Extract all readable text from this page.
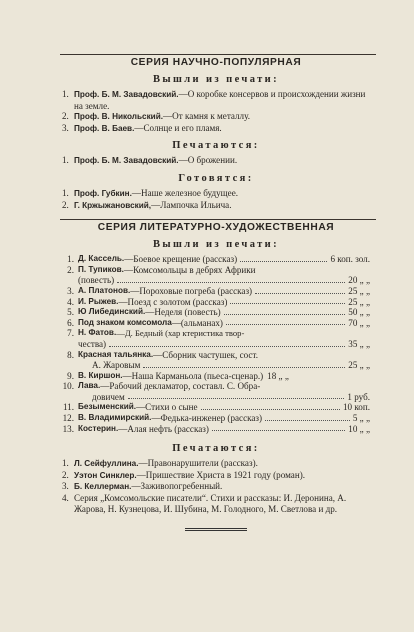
СЕРИЯ НАУЧНО-ПОПУЛЯРНАЯ
Вышли из печати:
1. Проф. Б. М. Завадовский.—О коробке консервов и происхождении жизни на земле.
2. Проф. В. Никольский.—От камня к металлу.
3. Проф. В. Баев.—Солнце и его пламя.
Печатаются:
1. Проф. Б. М. Завадовский.—О брожении.
Готовятся:
1. Проф. Губкин.—Наше железное будущее.
2. Г. Кржыжановский,—Лампочка Ильича.
СЕРИЯ ЛИТЕРАТУРНО-ХУДОЖЕСТВЕННАЯ
Вышли из печати:
1. Д. Кассель. —Боевое крещение (рассказ)	6 коп. зол.
2. П. Тупиков. —Комсомольцы в дебрях Африки
(повесть)	20 „ „
3. А. Платонов. —Пороховые погреба (рассказ)	25 „ „
4. И. Рыжев. —Поезд с золотом (рассказ)	25 „ „
5. Ю Либединский. —Неделя (повесть)	50 „ „
6. Под знаком комсомола —(альманах)	70 „ „
7. Н. Фатов. —Д. Бедный (хар ктеристика твор-
чества)	35 „ „
8. Красная тальянка. —Сборник частушек, сост.
А. Жаровым	25 „ „
9. В. Киршон. —Наша Карманьола (пьеса-сценар.) 18 „ „
10. Лава. —Рабочий декламатор, составл. С. Обра-
довичем	1 руб.
11. Безыменский. —Стихи о сыне	10 коп.
12. В. Владимирский. —Федька-инженер (рассказ)	5 „ „
13. Костерин. —Алая нефть (рассказ)	10 „ „
Печатаются:
1. Л. Сейфуллина.—Правонарушители (рассказ).
2. Уэтон Синклер.—Пришествие Христа в 1921 году (роман).
3. Б. Келлерман.—Заживопогребенный.
4. Серия „Комсомольские писатели“. Стихи и рассказы: И. Деронина, А. Жарова, Н. Кузнецова, И. Шубина, М. Голодного, М. Светлова и др.
